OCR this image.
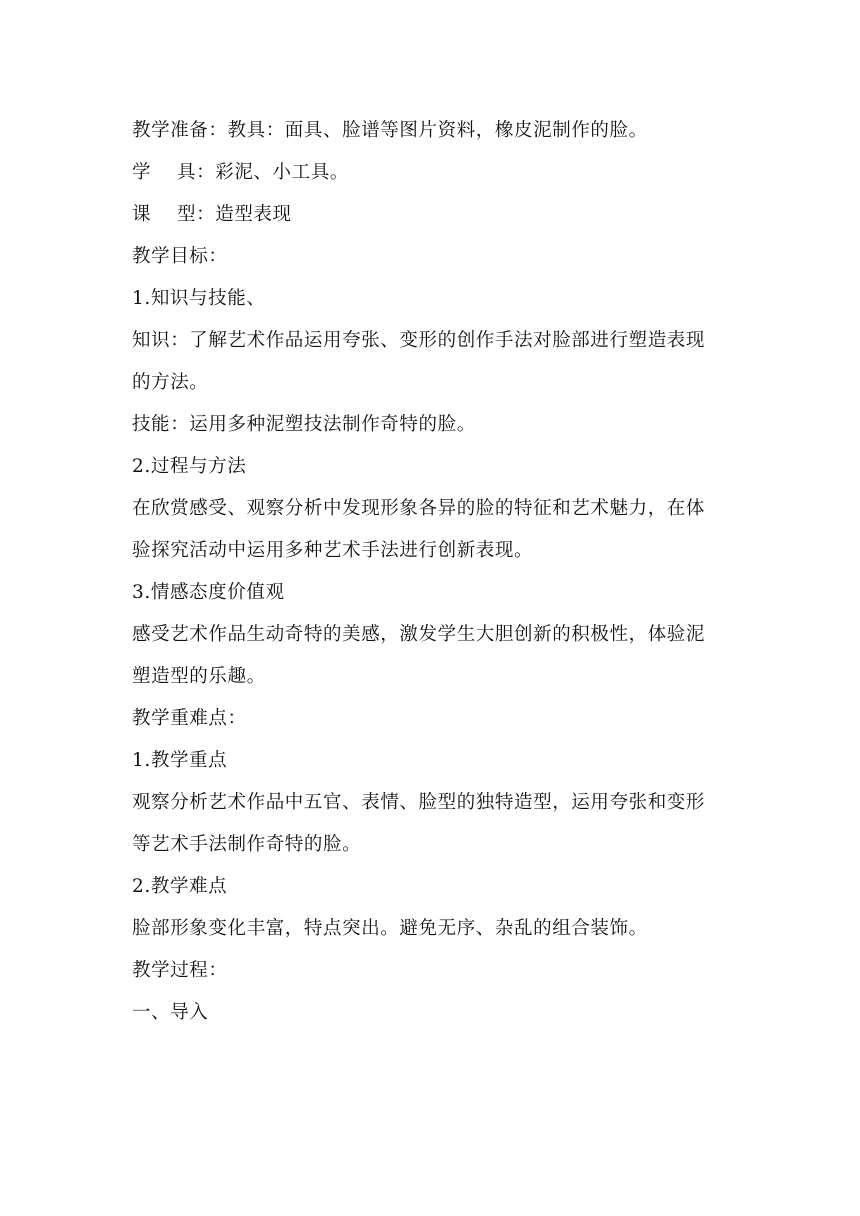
教学准备：教具：面具、脸谱等图片资料，橡皮泥制作的脸。

学    具：彩泥、小工具。

课    型：造型表现

教学目标：

1.知识与技能、

知识：了解艺术作品运用夸张、变形的创作手法对脸部进行塑造表现

的方法。

技能：运用多种泥塑技法制作奇特的脸。

2.过程与方法

在欣赏感受、观察分析中发现形象各异的脸的特征和艺术魅力，在体

验探究活动中运用多种艺术手法进行创新表现。

3.情感态度价值观

感受艺术作品生动奇特的美感，激发学生大胆创新的积极性，体验泥

塑造型的乐趣。

教学重难点：

1.教学重点

观察分析艺术作品中五官、表情、脸型的独特造型，运用夸张和变形

等艺术手法制作奇特的脸。

2.教学难点

脸部形象变化丰富，特点突出。避免无序、杂乱的组合装饰。

教学过程：

一、导入
